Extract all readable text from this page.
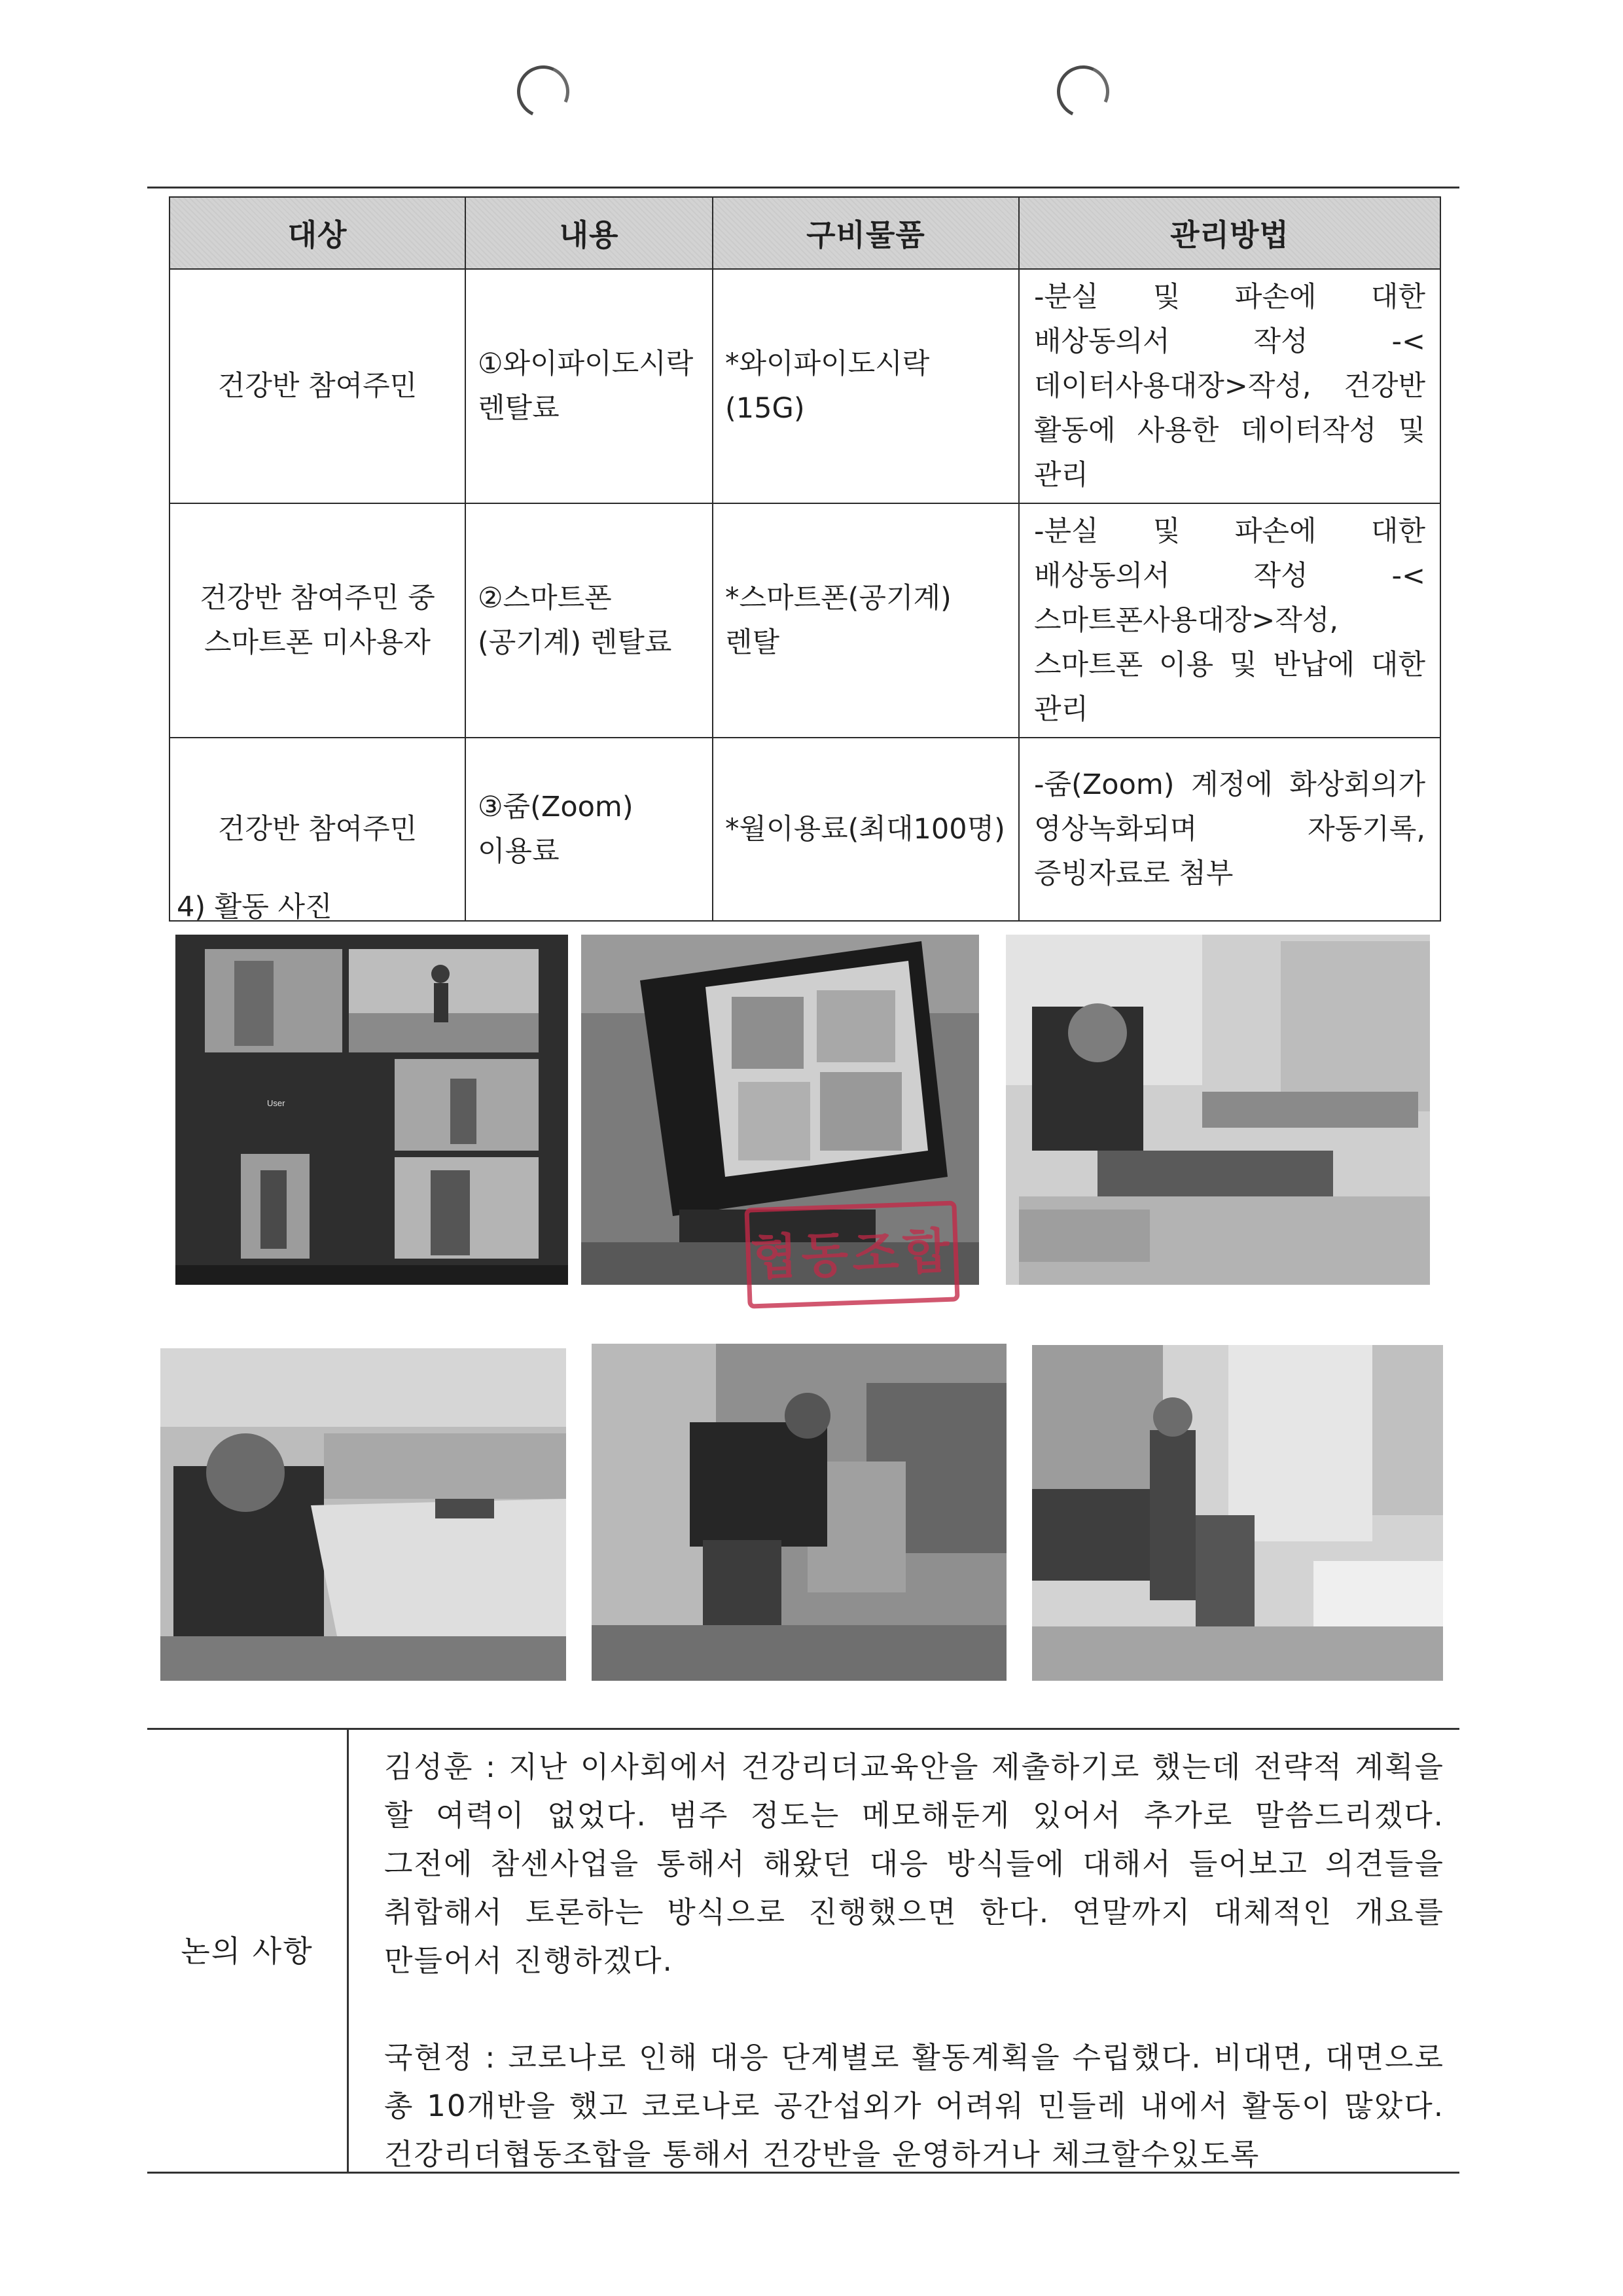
대상	내용	구비물품	관리방법
건강반 참여주민	①와이파이도시락 렌탈료	*와이파이도시락(15G)	-분실 및 파손에 대한 배상동의서 작성 -<데이터사용대장>작성, 건강반 활동에 사용한 데이터작성 및 관리
건강반 참여주민 중 스마트폰 미사용자	②스마트폰(공기계) 렌탈료	*스마트폰(공기계) 렌탈	-분실 및 파손에 대한 배상동의서 작성 -<스마트폰사용대장>작성, 스마트폰 이용 및 반납에 대한 관리
건강반 참여주민	③줌(Zoom)이용료	*월이용료(최대100명)	-줌(Zoom) 계정에 화상회의가 영상녹화되며 자동기록, 증빙자료로 첨부
4) 활동 사진
User
협동조합
논의 사항

김성훈 : 지난 이사회에서 건강리더교육안을 제출하기로 했는데 전략적 계획을 할 여력이 없었다. 범주 정도는 메모해둔게 있어서 추가로 말씀드리겠다. 그전에 참센사업을 통해서 해왔던 대응 방식들에 대해서 들어보고 의견들을 취합해서 토론하는 방식으로 진행했으면 한다. 연말까지 대체적인 개요를 만들어서 진행하겠다.

국현정 : 코로나로 인해 대응 단계별로 활동계획을 수립했다. 비대면, 대면으로 총 10개반을 했고 코로나로 공간섭외가 어려워 민들레 내에서 활동이 많았다. 건강리더협동조합을 통해서 건강반을 운영하거나 체크할수있도록
